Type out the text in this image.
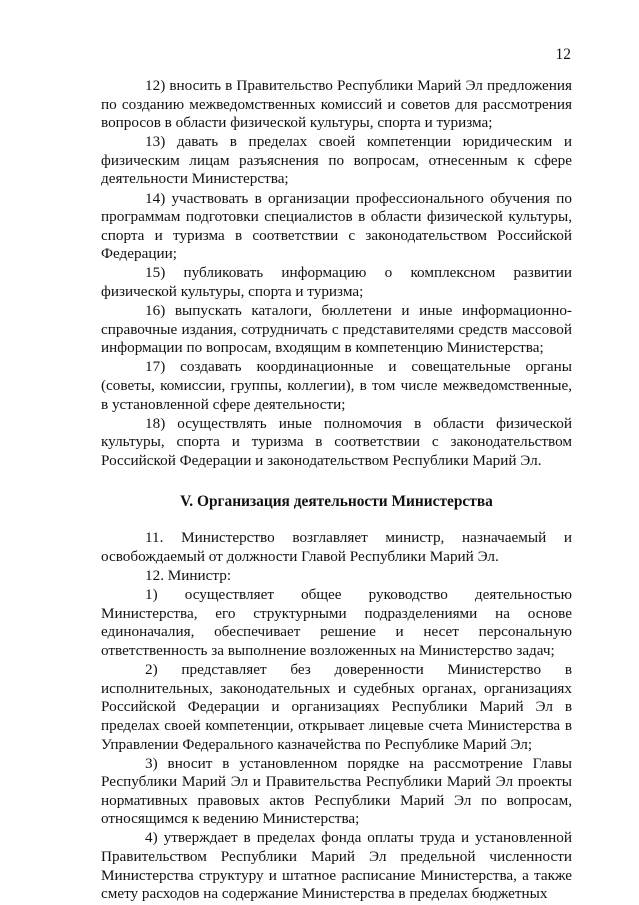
12

12) вносить в Правительство Республики Марий Эл предложения по созданию межведомственных комиссий и советов для рассмотрения вопросов в области физической культуры, спорта и туризма;

13) давать в пределах своей компетенции юридическим и физическим лицам разъяснения по вопросам, отнесенным к сфере деятельности Министерства;

14) участвовать в организации профессионального обучения по программам подготовки специалистов в области физической культуры, спорта и туризма в соответствии с законодательством Российской Федерации;

15) публиковать информацию о комплексном развитии физической культуры, спорта и туризма;

16) выпускать каталоги, бюллетени и иные информационно-справочные издания, сотрудничать с представителями средств массовой информации по вопросам, входящим в компетенцию Министерства;

17) создавать координационные и совещательные органы (советы, комиссии, группы, коллегии), в том числе межведомственные, в установленной сфере деятельности;

18) осуществлять иные полномочия в области физической культуры, спорта и туризма в соответствии с законодательством Российской Федерации и законодательством Республики Марий Эл.

V. Организация деятельности Министерства

11. Министерство возглавляет министр, назначаемый и освобождаемый от должности Главой Республики Марий Эл.

12. Министр:

1) осуществляет общее руководство деятельностью Министерства, его структурными подразделениями на основе единоначалия, обеспечивает решение и несет персональную ответственность за выполнение возложенных на Министерство задач;

2) представляет без доверенности Министерство в исполнительных, законодательных и судебных органах, организациях Российской Федерации и организациях Республики Марий Эл в пределах своей компетенции, открывает лицевые счета Министерства в Управлении Федерального казначейства по Республике Марий Эл;

3) вносит в установленном порядке на рассмотрение Главы Республики Марий Эл и Правительства Республики Марий Эл проекты нормативных правовых актов Республики Марий Эл по вопросам, относящимся к ведению Министерства;

4) утверждает в пределах фонда оплаты труда и установленной Правительством Республики Марий Эл предельной численности Министерства структуру и штатное расписание Министерства, а также смету расходов на содержание Министерства в пределах бюджетных
